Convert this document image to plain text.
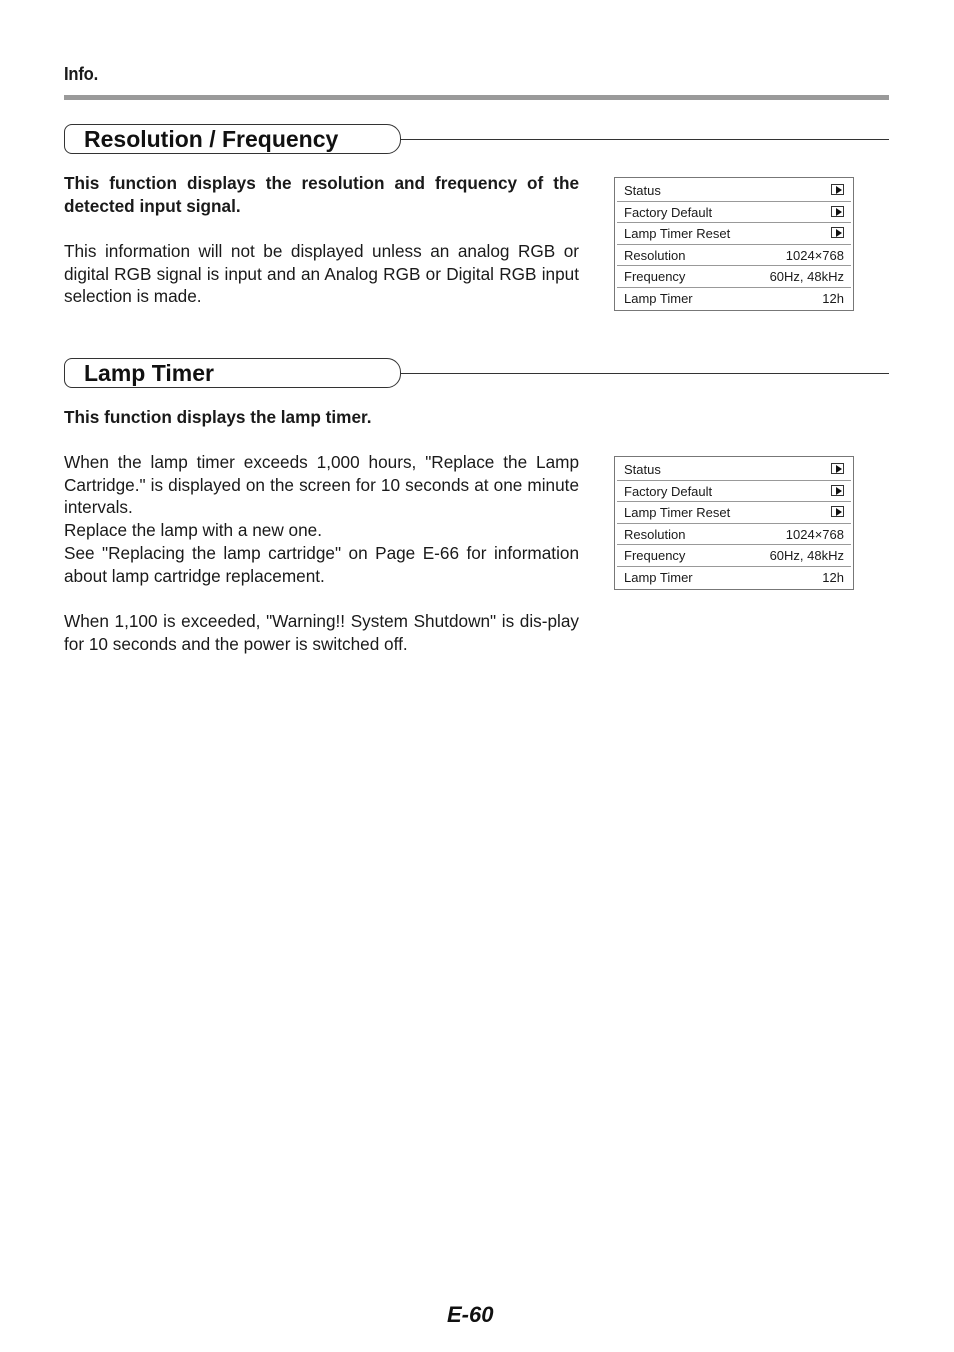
Info.
Resolution / Frequency
This function displays the resolution and frequency of the detected input signal.

This information will not be displayed unless an analog RGB or digital RGB signal is input and an Analog RGB or Digital RGB input selection is made.

Status
Factory Default
Lamp Timer Reset
Resolution	1024×768
Frequency	60Hz, 48kHz
Lamp Timer	12h
Lamp Timer
This function displays the lamp timer.

When the lamp timer exceeds 1,000 hours, "Replace the Lamp Cartridge." is displayed on the screen for 10 seconds at one minute intervals.

Replace the lamp with a new one.

See "Replacing the lamp cartridge" on Page E-66 for information about lamp cartridge replacement.

When 1,100 is exceeded, "Warning!! System Shutdown" is dis-play for 10 seconds and the power is switched off.

Status
Factory Default
Lamp Timer Reset
Resolution	1024×768
Frequency	60Hz, 48kHz
Lamp Timer	12h
E-60
